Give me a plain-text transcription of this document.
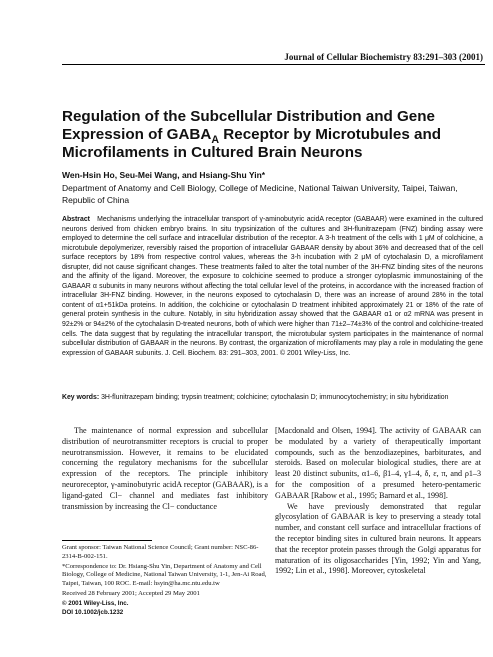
Journal of Cellular Biochemistry 83:291–303 (2001)
Regulation of the Subcellular Distribution and Gene
Expression of $GABA_A$ Receptor by Microtubules and
Microfilaments in Cultured Brain Neurons
Wen-Hsin Ho, Seu-Mei Wang, and Hsiang-Shu Yin*
Department of Anatomy and Cell Biology, College of Medicine, National Taiwan University, Taipei, Taiwan, Republic of China
Abstract Mechanisms underlying the intracellular transport of γ-aminobutyric acidA receptor (GABAAR) were examined in the cultured neurons derived from chicken embryo brains. In situ trypsinization of the cultures and 3H-flunitrazepam (FNZ) binding assay were employed to determine the cell surface and intracellular distribution of the receptor. A 3-h treatment of the cells with 1 μM of colchicine, a microtubule depolymerizer, reversibly raised the proportion of intracellular GABAAR density by about 36% and decreased that of the cell surface receptors by 18% from respective control values, whereas the 3-h incubation with 2 μM of cytochalasin D, a microfilament disrupter, did not cause significant changes. These treatments failed to alter the total number of the 3H-FNZ binding sites of the neurons and the affinity of the ligand. Moreover, the exposure to colchicine seemed to produce a stronger cytoplasmic immunostaining of the GABAAR α subunits in many neurons without affecting the total cellular level of the proteins, in accordance with the increased fraction of intracellular 3H-FNZ binding. However, in the neurons exposed to cytochalasin D, there was an increase of around 28% in the total content of α1+51kDa proteins. In addition, the colchicine or cytochalasin D treatment inhibited approximately 21 or 18% of the rate of general protein synthesis in the culture. Notably, in situ hybridization assay showed that the GABAAR α1 or α2 mRNA was present in 92±2% or 94±2% of the cytochalasin D-treated neurons, both of which were higher than 71±2–74±3% of the control and colchicine-treated cells. The data suggest that by regulating the intracellular transport, the microtubular system participates in the maintenance of normal subcellular distribution of GABAAR in the neurons. By contrast, the organization of microfilaments may play a role in modulating the gene expression of GABAAR subunits. J. Cell. Biochem. 83: 291–303, 2001. © 2001 Wiley-Liss, Inc.
Key words: 3H-flunitrazepam binding; trypsin treatment; colchicine; cytochalasin D; immunocytochemistry; in situ hybridization

The maintenance of normal expression and subcellular distribution of neurotransmitter receptors is crucial to proper neurotransmission. However, it remains to be elucidated concerning the regulatory mechanisms for the subcellular expression of the receptors. The principle inhibitory neuroreceptor, γ-aminobutyric acidA receptor (GABAAR), is a ligand-gated Cl− channel and mediates fast inhibitory transmission by increasing the Cl− conductance

Grant sponsor: Taiwan National Science Council; Grant number: NSC-86-2314-B-002-151.

*Correspondence to: Dr. Hsiang-Shu Yin, Department of Anatomy and Cell Biology, College of Medicine, National Taiwan University, 1-1, Jen-Ai Road, Taipei, Taiwan, 100 ROC. E-mail: hsyin@ha.mc.ntu.edu.tw

Received 28 February 2001; Accepted 29 May 2001

© 2001 Wiley-Liss, Inc.

DOI 10.1002/jcb.1232

[Macdonald and Olsen, 1994]. The activity of GABAAR can be modulated by a variety of therapeutically important compounds, such as the benzodiazepines, barbiturates, and steroids. Based on molecular biological studies, there are at least 20 distinct subunits, α1–6, β1–4, γ1–4, δ, ε, π, and ρ1–3 for the composition of a presumed hetero-pentameric GABAAR [Rabow et al., 1995; Barnard et al., 1998].

We have previously demonstrated that regular glycosylation of GABAAR is key to preserving a steady total number, and constant cell surface and intracellular fractions of the receptor binding sites in cultured brain neurons. It appears that the receptor protein passes through the Golgi apparatus for maturation of its oligosaccharides [Yin, 1992; Yin and Yang, 1992; Lin et al., 1998]. Moreover, cytoskeletal
